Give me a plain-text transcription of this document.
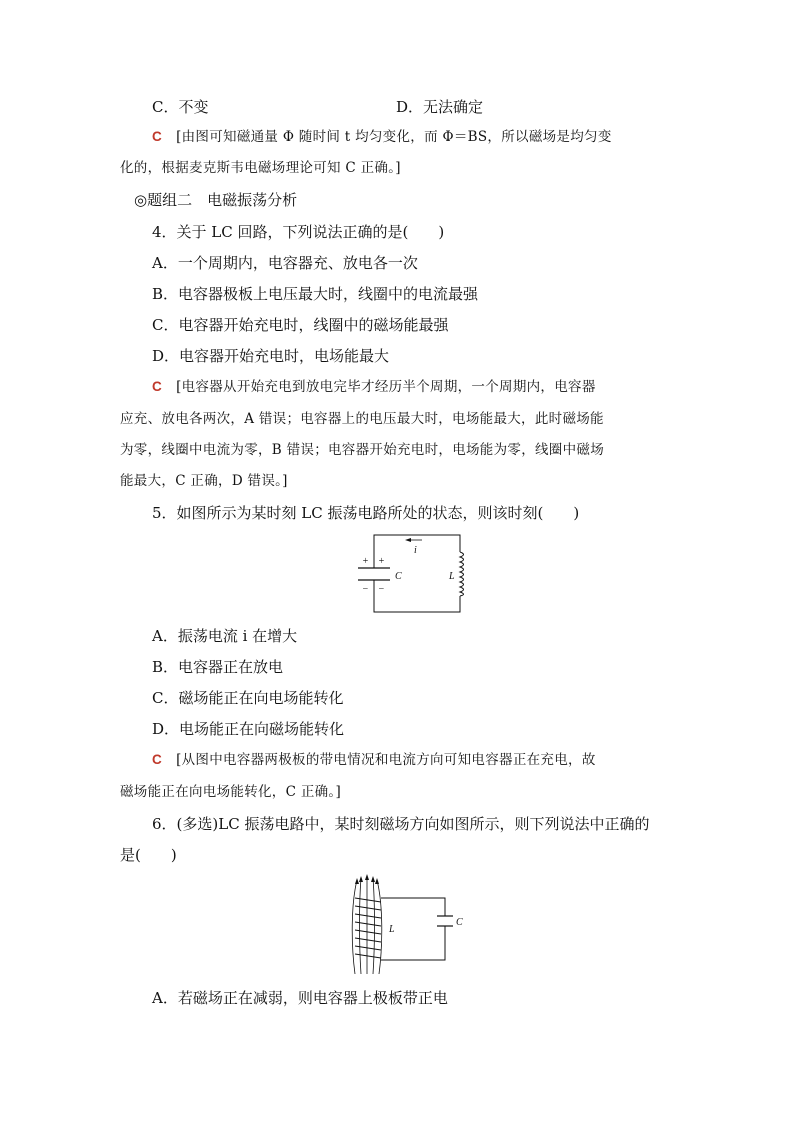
C．不变	D．无法确定
C [由图可知磁通量 Φ 随时间 t 均匀变化，而 Φ＝BS，所以磁场是均匀变
化的，根据麦克斯韦电磁场理论可知 C 正确。]
◎题组二　电磁振荡分析
4．关于 LC 回路，下列说法正确的是(　　)
A．一个周期内，电容器充、放电各一次
B．电容器极板上电压最大时，线圈中的电流最强
C．电容器开始充电时，线圈中的磁场能最强
D．电容器开始充电时，电场能最大
C [电容器从开始充电到放电完毕才经历半个周期，一个周期内，电容器
应充、放电各两次，A 错误；电容器上的电压最大时，电场能最大，此时磁场能
为零，线圈中电流为零，B 错误；电容器开始充电时，电场能为零，线圈中磁场
能最大，C 正确，D 错误。]
5．如图所示为某时刻 LC 振荡电路所处的状态，则该时刻(　　)
i
+ +
− −
C	L
A．振荡电流 i 在增大
B．电容器正在放电
C．磁场能正在向电场能转化
D．电场能正在向磁场能转化
C [从图中电容器两极板的带电情况和电流方向可知电容器正在充电，故
磁场能正在向电场能转化，C 正确。]
6．(多选)LC 振荡电路中，某时刻磁场方向如图所示，则下列说法中正确的
是(　　)
L
C
A．若磁场正在减弱，则电容器上极板带正电
